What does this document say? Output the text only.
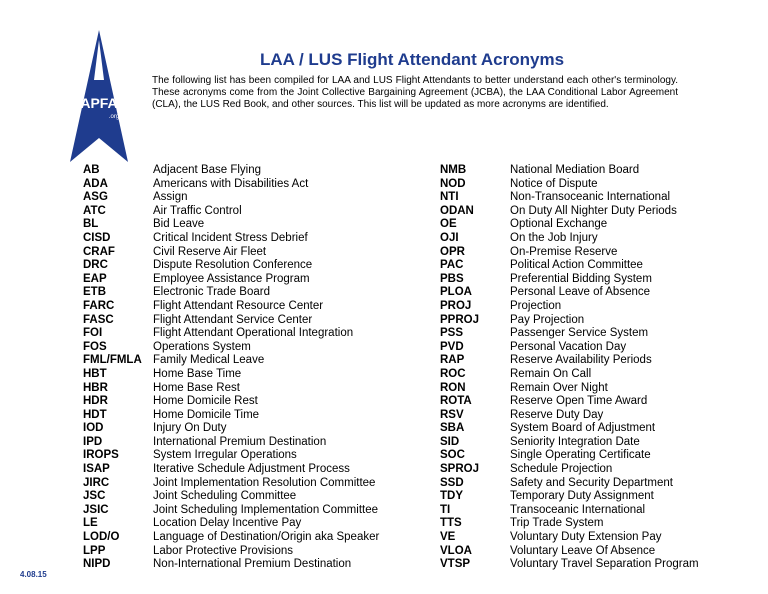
APFA
.org
LAA / LUS Flight Attendant Acronyms
The following list has been compiled for LAA and LUS Flight Attendants to better understand each other's terminology. These acronyms come from the Joint Collective Bargaining Agreement (JCBA), the LAA Conditional Labor Agreement (CLA), the LUS Red Book, and other sources. This list will be updated as more acronyms are identified.
AB	Adjacent Base Flying
ADA	Americans with Disabilities Act
ASG	Assign
ATC	Air Traffic Control
BL	Bid Leave
CISD	Critical Incident Stress Debrief
CRAF	Civil Reserve Air Fleet
DRC	Dispute Resolution Conference
EAP	Employee Assistance Program
ETB	Electronic Trade Board
FARC	Flight Attendant Resource Center
FASC	Flight Attendant Service Center
FOI	Flight Attendant Operational Integration
FOS	Operations System
FML/FMLA Family Medical Leave
HBT	Home Base Time
HBR	Home Base Rest
HDR	Home Domicile Rest
HDT	Home Domicile Time
IOD	Injury On Duty
IPD	International Premium Destination
IROPS	System Irregular Operations
ISAP	Iterative Schedule Adjustment Process
JIRC	Joint Implementation Resolution Committee
JSC	Joint Scheduling Committee
JSIC	Joint Scheduling Implementation Committee
LE	Location Delay Incentive Pay
LOD/O	Language of Destination/Origin aka Speaker
LPP	Labor Protective Provisions
NIPD	Non-International Premium Destination
NMB	National Mediation Board
NOD	Notice of Dispute
NTI	Non-Transoceanic International
ODAN	On Duty All Nighter Duty Periods
OE	Optional Exchange
OJI	On the Job Injury
OPR	On-Premise Reserve
PAC	Political Action Committee
PBS	Preferential Bidding System
PLOA	Personal Leave of Absence
PROJ	Projection
PPROJ	Pay Projection
PSS	Passenger Service System
PVD	Personal Vacation Day
RAP	Reserve Availability Periods
ROC	Remain On Call
RON	Remain Over Night
ROTA	Reserve Open Time Award
RSV	Reserve Duty Day
SBA	System Board of Adjustment
SID	Seniority Integration Date
SOC	Single Operating Certificate
SPROJ	Schedule Projection
SSD	Safety and Security Department
TDY	Temporary Duty Assignment
TI	Transoceanic International
TTS	Trip Trade System
VE	Voluntary Duty Extension Pay
VLOA	Voluntary Leave Of Absence
VTSP	Voluntary Travel Separation Program
4.08.15
